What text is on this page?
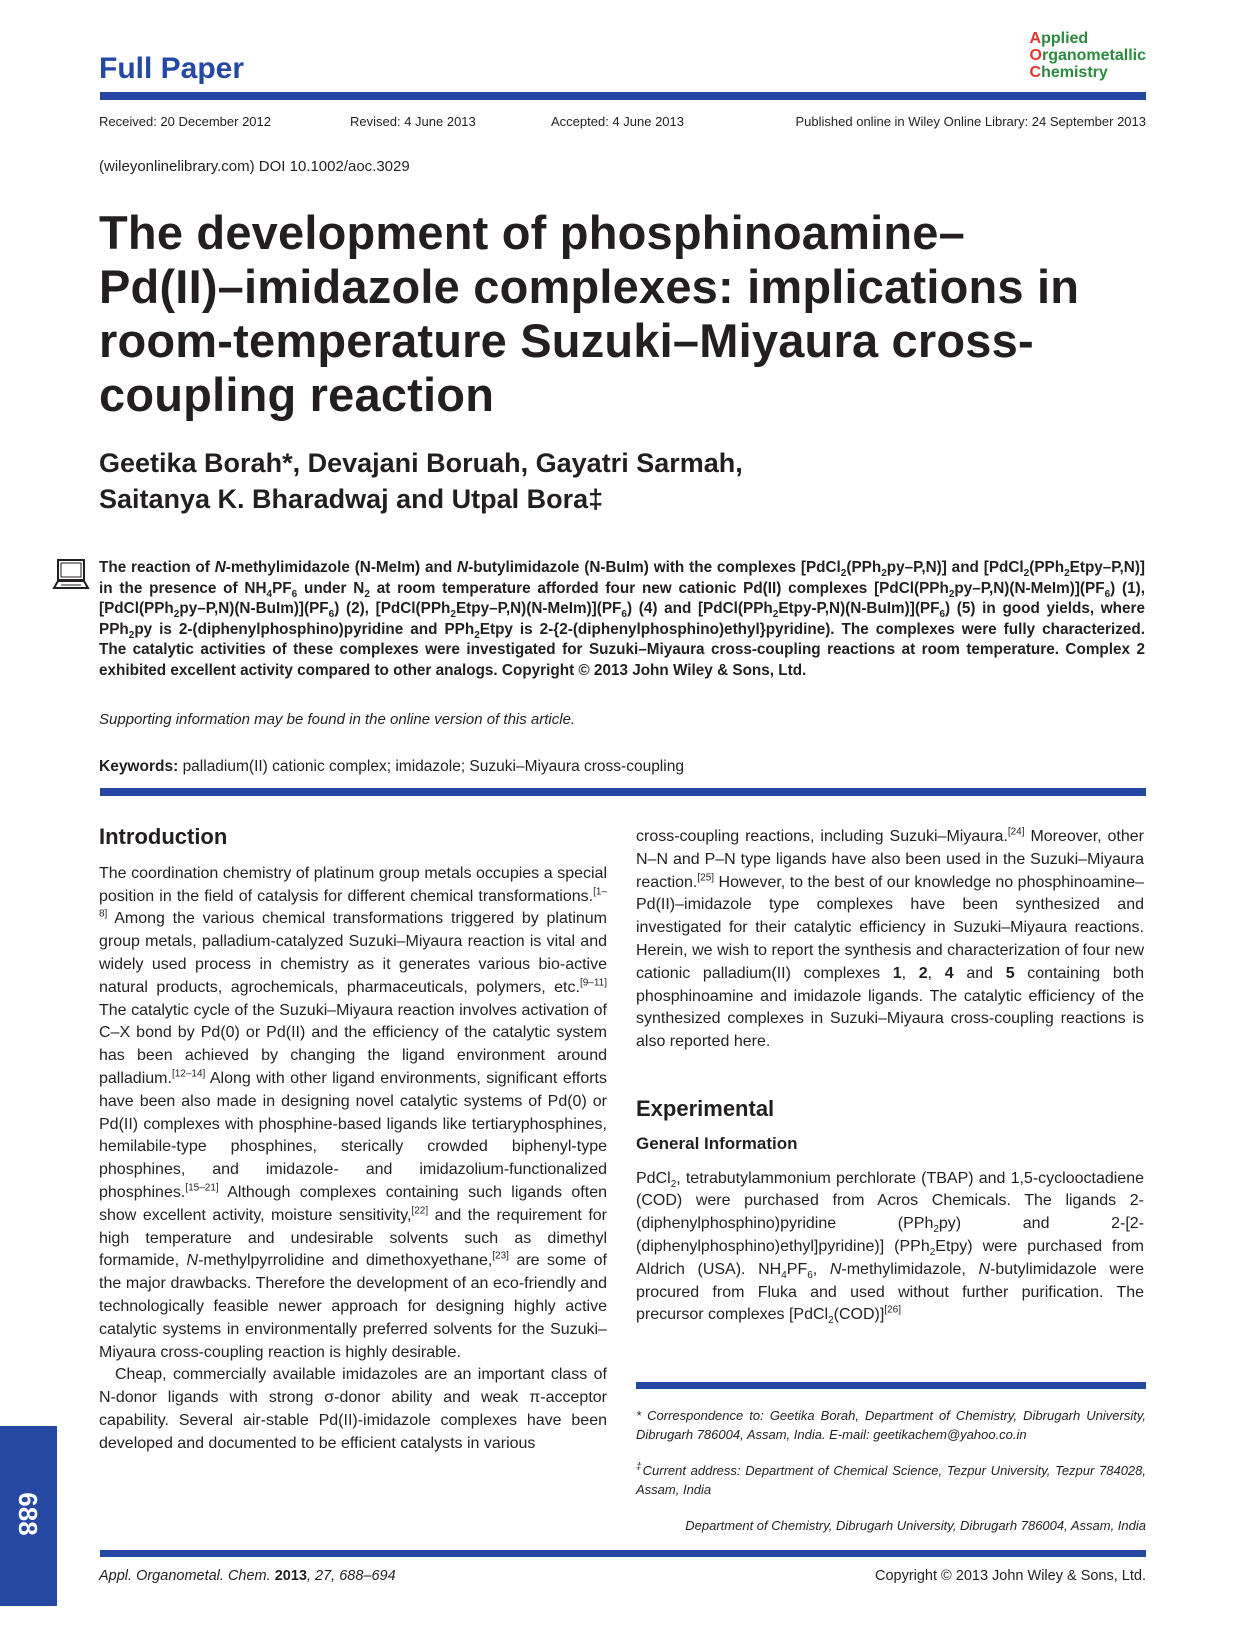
Full Paper
Applied
Organometallic
Chemistry
Received: 20 December 2012	Revised: 4 June 2013	Accepted: 4 June 2013	Published online in Wiley Online Library: 24 September 2013
(wileyonlinelibrary.com) DOI 10.1002/aoc.3029
The development of phosphinoamine–
Pd(II)–imidazole complexes: implications in
room-temperature Suzuki–Miyaura cross-
coupling reaction
Geetika Borah*, Devajani Boruah, Gayatri Sarmah,
Saitanya K. Bharadwaj and Utpal Bora‡
The reaction of N-methylimidazole (N-MeIm) and N-butylimidazole (N-BuIm) with the complexes [PdCl$_2$(PPh$_2$py–P,N)] and [PdCl$_2$(PPh$_2$Etpy–P,N)] in the presence of $NH_4PF_6$ under $N_2$ at room temperature afforded four new cationic Pd(II) complexes $[PdCl(PPh_2py-P,N)(N-MeIm)](PF_6)$ (1), $[PdCl(PPh_2py-P,N)(N-BuIm)](PF_6)$ (2), $[PdCl(PPh_2Etpy-P,N)(N-MeIm)](PF_6)$ (4) and $[PdCl(PPh_2Etpy-P,N)(N-BuIm)](PF_6)$ (5) in good yields, where PPh$_2$py is 2-(diphenylphosphino)pyridine and PPh$_2$Etpy is 2-{2-(diphenylphosphino)ethyl}pyridine). The complexes were fully characterized. The catalytic activities of these complexes were investigated for Suzuki–Miyaura cross-coupling reactions at room temperature. Complex 2 exhibited excellent activity compared to other analogs. Copyright © 2013 John Wiley & Sons, Ltd.
Supporting information may be found in the online version of this article.
Keywords: palladium(II) cationic complex; imidazole; Suzuki–Miyaura cross-coupling
Introduction

The coordination chemistry of platinum group metals occupies a special position in the field of catalysis for different chemical transformations.[1–8] Among the various chemical transformations triggered by platinum group metals, palladium-catalyzed Suzuki–Miyaura reaction is vital and widely used process in chemistry as it generates various bio-active natural products, agrochemicals, pharmaceuticals, polymers, etc.[9–11] The catalytic cycle of the Suzuki–Miyaura reaction involves activation of C–X bond by Pd(0) or Pd(II) and the efficiency of the catalytic system has been achieved by changing the ligand environment around palladium.[12–14] Along with other ligand environments, significant efforts have been also made in designing novel catalytic systems of Pd(0) or Pd(II) complexes with phosphine-based ligands like tertiaryphosphines, hemilabile-type phosphines, sterically crowded biphenyl-type phosphines, and imidazole- and imidazolium-functionalized phosphines.[15–21] Although complexes containing such ligands often show excellent activity, moisture sensitivity,[22] and the requirement for high temperature and undesirable solvents such as dimethyl formamide, N-methylpyrrolidine and dimethoxyethane,[23] are some of the major drawbacks. Therefore the development of an eco-friendly and technologically feasible newer approach for designing highly active catalytic systems in environmentally preferred solvents for the Suzuki–Miyaura cross-coupling reaction is highly desirable.

Cheap, commercially available imidazoles are an important class of N-donor ligands with strong σ-donor ability and weak π-acceptor capability. Several air-stable Pd(II)-imidazole complexes have been developed and documented to be efficient catalysts in various

cross-coupling reactions, including Suzuki–Miyaura.[24] Moreover, other N–N and P–N type ligands have also been used in the Suzuki–Miyaura reaction.[25] However, to the best of our knowledge no phosphinoamine–Pd(II)–imidazole type complexes have been synthesized and investigated for their catalytic efficiency in Suzuki–Miyaura reactions. Herein, we wish to report the synthesis and characterization of four new cationic palladium(II) complexes 1, 2, 4 and 5 containing both phosphinoamine and imidazole ligands. The catalytic efficiency of the synthesized complexes in Suzuki–Miyaura cross-coupling reactions is also reported here.

Experimental
General Information

PdCl$_2$, tetrabutylammonium perchlorate (TBAP) and 1,5-cyclooctadiene (COD) were purchased from Acros Chemicals. The ligands 2-(diphenylphosphino)pyridine (PPh$_2$py) and 2-[2-(diphenylphosphino)ethyl]pyridine)] (PPh$_2$Etpy) were purchased from Aldrich (USA). $NH_4PF_6$, N-methylimidazole, N-butylimidazole were procured from Fluka and used without further purification. The precursor complexes [PdCl$_2$(COD)][26]

* Correspondence to: Geetika Borah, Department of Chemistry, Dibrugarh University, Dibrugarh 786004, Assam, India. E-mail: geetikachem@yahoo.co.in
‡Current address: Department of Chemical Science, Tezpur University, Tezpur 784028, Assam, India
Department of Chemistry, Dibrugarh University, Dibrugarh 786004, Assam, India
688
Appl. Organometal. Chem. 2013, 27, 688–694	Copyright © 2013 John Wiley & Sons, Ltd.
